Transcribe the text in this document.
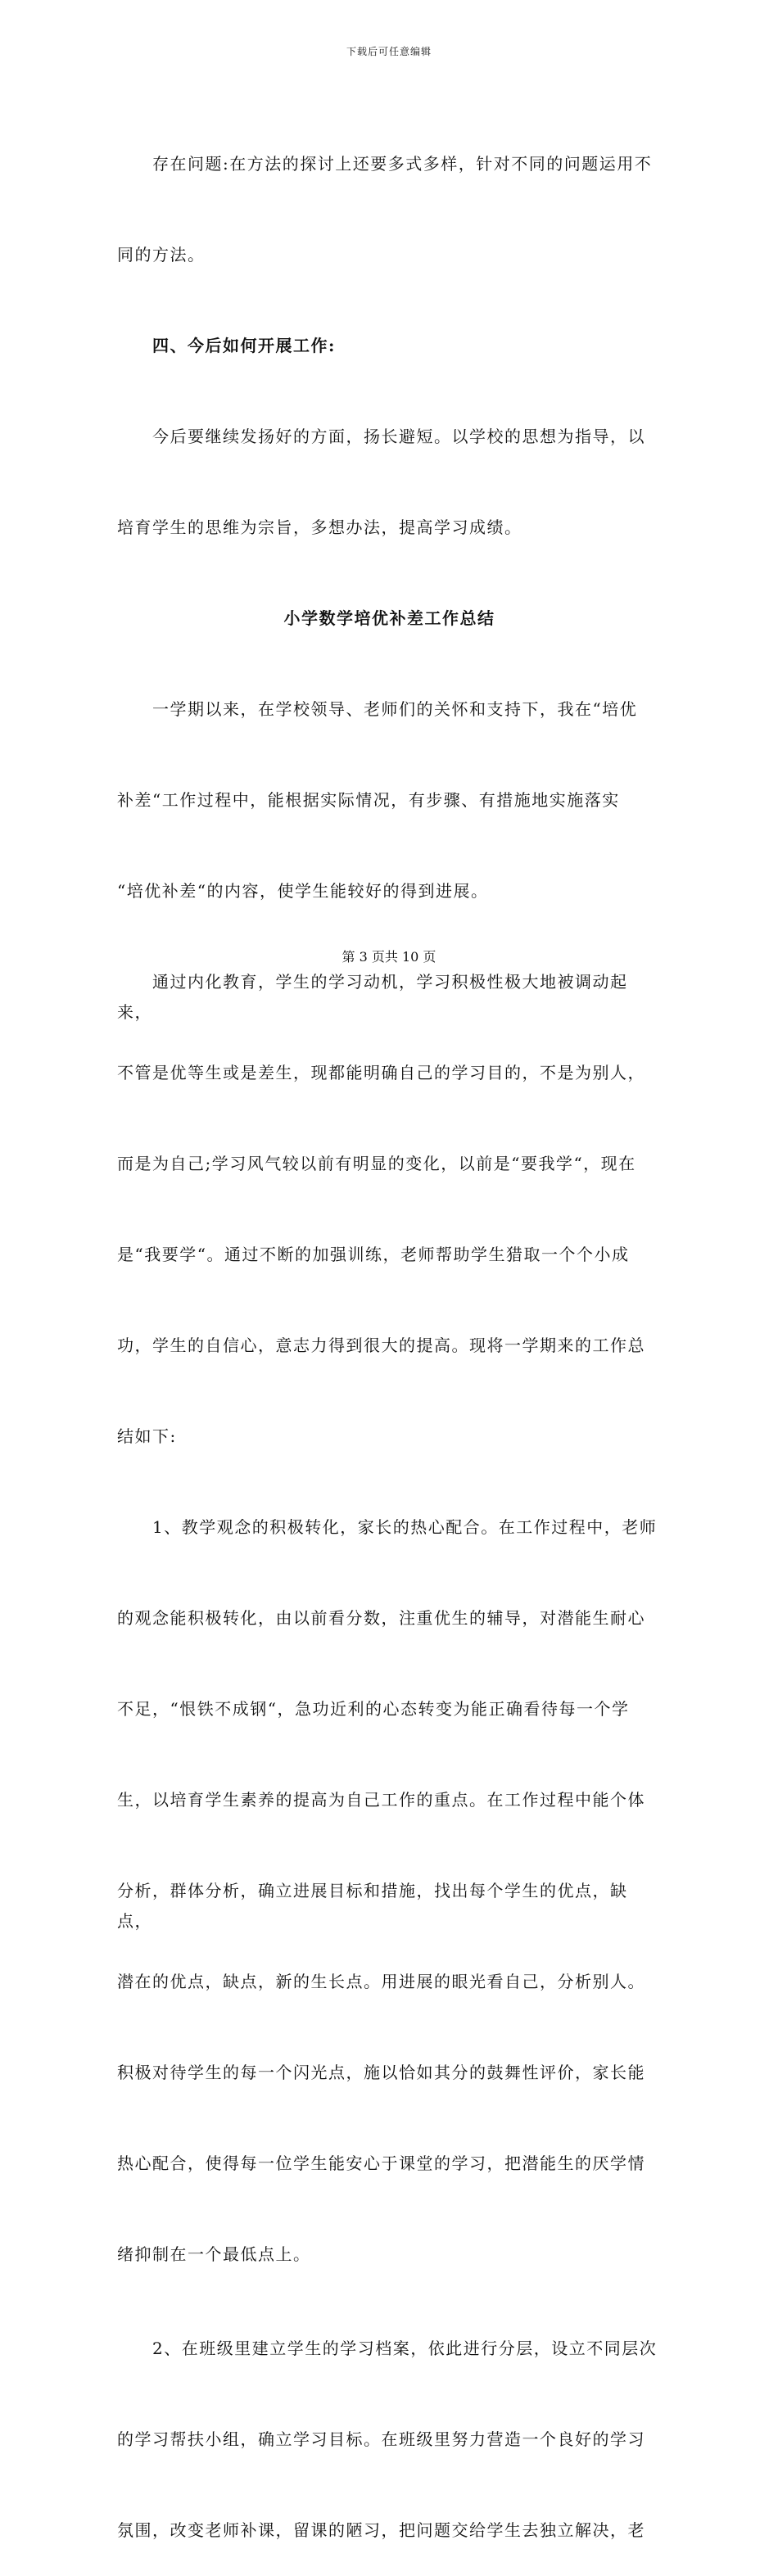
下载后可任意编辑

　　存在问题:在方法的探讨上还要多式多样，针对不同的问题运用不

同的方法。

　　四、今后如何开展工作:

　　今后要继续发扬好的方面，扬长避短。以学校的思想为指导，以

培育学生的思维为宗旨，多想办法，提高学习成绩。

小学数学培优补差工作总结

　　一学期以来，在学校领导、老师们的关怀和支持下，我在“培优

补差“工作过程中，能根据实际情况，有步骤、有措施地实施落实

“培优补差“的内容，使学生能较好的得到进展。

　　通过内化教育，学生的学习动机，学习积极性极大地被调动起来，

不管是优等生或是差生，现都能明确自己的学习目的，不是为别人，

而是为自己;学习风气较以前有明显的变化，以前是“要我学“，现在

是“我要学“。通过不断的加强训练，老师帮助学生猎取一个个小成

功，学生的自信心，意志力得到很大的提高。现将一学期来的工作总

结如下:

　　1、教学观念的积极转化，家长的热心配合。在工作过程中，老师

的观念能积极转化，由以前看分数，注重优生的辅导，对潜能生耐心

不足，“恨铁不成钢“，急功近利的心态转变为能正确看待每一个学

生，以培育学生素养的提高为自己工作的重点。在工作过程中能个体

分析，群体分析，确立进展目标和措施，找出每个学生的优点，缺点，

潜在的优点，缺点，新的生长点。用进展的眼光看自己，分析别人。

积极对待学生的每一个闪光点，施以恰如其分的鼓舞性评价，家长能

热心配合，使得每一位学生能安心于课堂的学习，把潜能生的厌学情

绪抑制在一个最低点上。

　　2、在班级里建立学生的学习档案，依此进行分层，设立不同层次

的学习帮扶小组，确立学习目标。在班级里努力营造一个良好的学习

氛围，改变老师补课，留课的陋习，把问题交给学生去独立解决，老

第 3 页共 10 页
